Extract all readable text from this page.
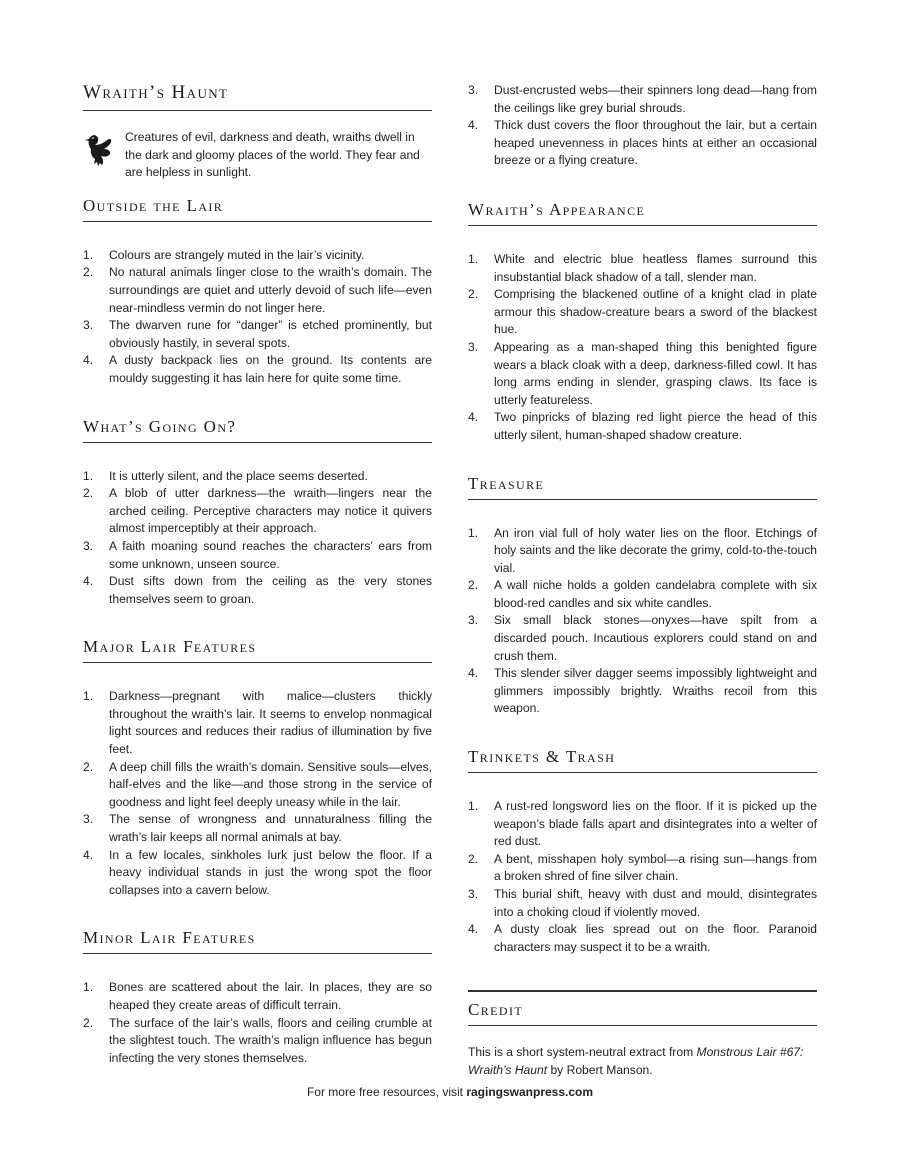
Wraith’s Haunt

Creatures of evil, darkness and death, wraiths dwell in the dark and gloomy places of the world. They fear and are helpless in sunlight.

Outside the Lair
1.	Colours are strangely muted in the lair’s vicinity.
2.	No natural animals linger close to the wraith’s domain. The surroundings are quiet and utterly devoid of such life—even near-mindless vermin do not linger here.
3.	The dwarven rune for “danger” is etched prominently, but obviously hastily, in several spots.
4.	A dusty backpack lies on the ground. Its contents are mouldy suggesting it has lain here for quite some time.
What’s Going On?
1.	It is utterly silent, and the place seems deserted.
2.	A blob of utter darkness—the wraith—lingers near the arched ceiling. Perceptive characters may notice it quivers almost imperceptibly at their approach.
3.	A faith moaning sound reaches the characters’ ears from some unknown, unseen source.
4.	Dust sifts down from the ceiling as the very stones themselves seem to groan.
Major Lair Features
1.	Darkness—pregnant with malice—clusters thickly throughout the wraith’s lair. It seems to envelop nonmagical light sources and reduces their radius of illumination by five feet.
2.	A deep chill fills the wraith’s domain. Sensitive souls—elves, half-elves and the like—and those strong in the service of goodness and light feel deeply uneasy while in the lair.
3.	The sense of wrongness and unnaturalness filling the wrath’s lair keeps all normal animals at bay.
4.	In a few locales, sinkholes lurk just below the floor. If a heavy individual stands in just the wrong spot the floor collapses into a cavern below.
Minor Lair Features
1.	Bones are scattered about the lair. In places, they are so heaped they create areas of difficult terrain.
2.	The surface of the lair’s walls, floors and ceiling crumble at the slightest touch. The wraith’s malign influence has begun infecting the very stones themselves.
3.	Dust-encrusted webs—their spinners long dead—hang from the ceilings like grey burial shrouds.
4.	Thick dust covers the floor throughout the lair, but a certain heaped unevenness in places hints at either an occasional breeze or a flying creature.
Wraith’s Appearance
1.	White and electric blue heatless flames surround this insubstantial black shadow of a tall, slender man.
2.	Comprising the blackened outline of a knight clad in plate armour this shadow-creature bears a sword of the blackest hue.
3.	Appearing as a man-shaped thing this benighted figure wears a black cloak with a deep, darkness-filled cowl. It has long arms ending in slender, grasping claws. Its face is utterly featureless.
4.	Two pinpricks of blazing red light pierce the head of this utterly silent, human-shaped shadow creature.
Treasure
1.	An iron vial full of holy water lies on the floor. Etchings of holy saints and the like decorate the grimy, cold-to-the-touch vial.
2.	A wall niche holds a golden candelabra complete with six blood-red candles and six white candles.
3.	Six small black stones—onyxes—have spilt from a discarded pouch. Incautious explorers could stand on and crush them.
4.	This slender silver dagger seems impossibly lightweight and glimmers impossibly brightly. Wraiths recoil from this weapon.
Trinkets & Trash
1.	A rust-red longsword lies on the floor. If it is picked up the weapon’s blade falls apart and disintegrates into a welter of red dust.
2.	A bent, misshapen holy symbol—a rising sun—hangs from a broken shred of fine silver chain.
3.	This burial shift, heavy with dust and mould, disintegrates into a choking cloud if violently moved.
4.	A dusty cloak lies spread out on the floor. Paranoid characters may suspect it to be a wraith.
Credit

This is a short system-neutral extract from Monstrous Lair #67: Wraith’s Haunt by Robert Manson.

For more free resources, visit ragingswanpress.com
